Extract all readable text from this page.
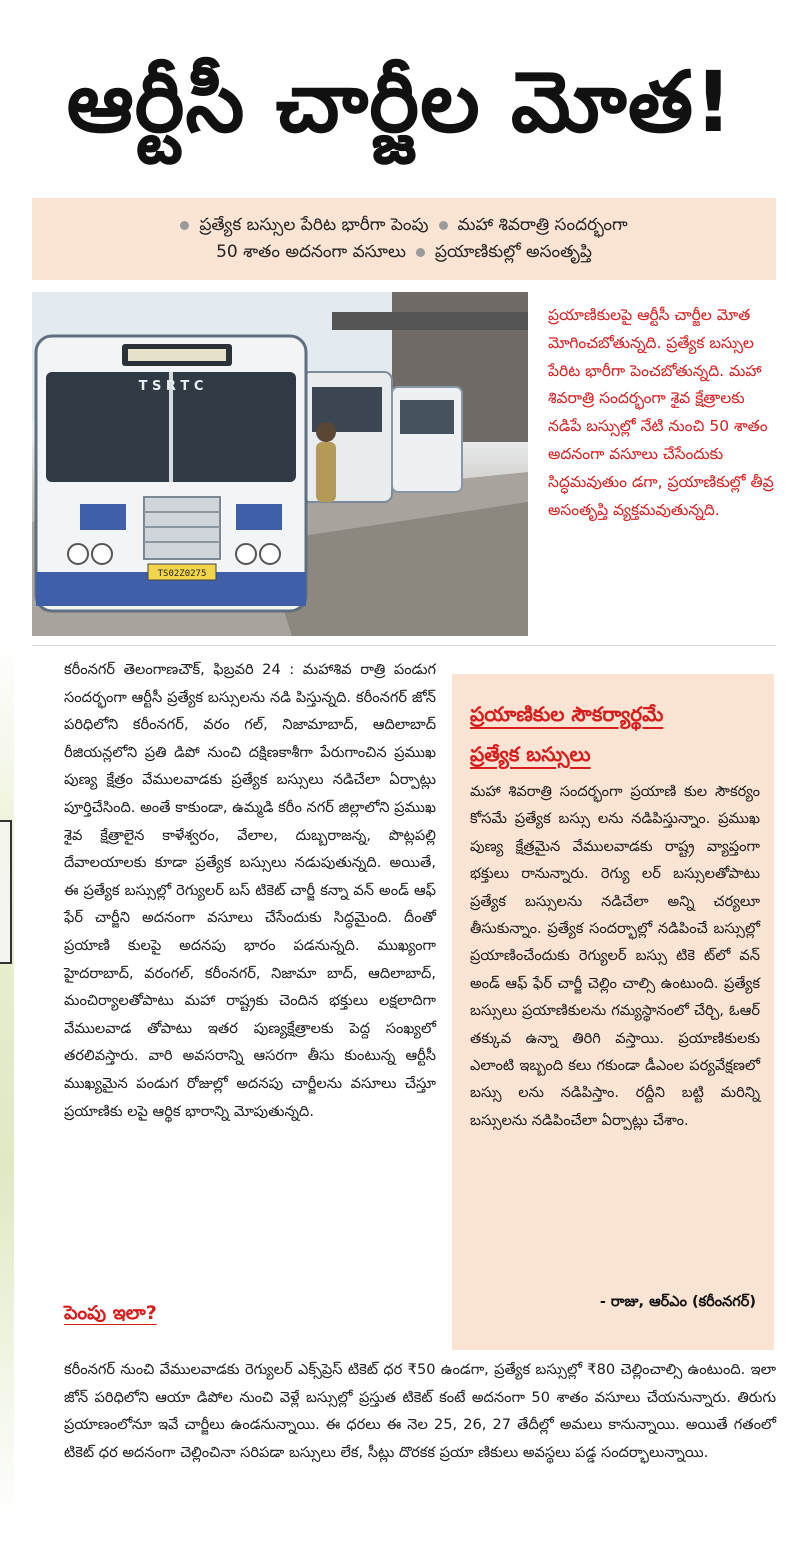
ఆర్టీసీ చార్జీల మోత!
ప్రత్యేక బస్సుల పేరిట భారీగా పెంపు మహా శివరాత్రి సందర్భంగా
50 శాతం అదనంగా వసూలు ప్రయాణికుల్లో అసంతృప్తి
TS02Z0275
T S R T C

ప్రయాణికులపై ఆర్టీసీ చార్జీల మోత మోగించబోతున్నది. ప్రత్యేక బస్సుల పేరిట భారీగా పెంచబోతున్నది. మహా శివరాత్రి సందర్భంగా శైవ క్షేత్రాలకు నడిపే బస్సుల్లో నేటి నుంచి 50 శాతం అదనంగా వసూలు చేసేందుకు సిద్ధమవుతుం డగా, ప్రయాణికుల్లో తీవ్ర అసంతృప్తి వ్యక్తమవుతున్నది.

కరీంనగర్ తెలంగాణచౌక్, ఫిబ్రవరి 24 : మహాశివ రాత్రి పండుగ సందర్భంగా ఆర్టీసీ ప్రత్యేక బస్సులను నడి పిస్తున్నది. కరీంనగర్ జోన్ పరిధిలోని కరీంనగర్, వరం గల్, నిజామాబాద్, ఆదిలాబాద్ రీజియన్లలోని ప్రతి డిపో నుంచి దక్షిణకాశీగా పేరుగాంచిన ప్రముఖ పుణ్య క్షేత్రం వేములవాడకు ప్రత్యేక బస్సులు నడిచేలా ఏర్పాట్లు పూర్తిచేసింది. అంతే కాకుండా, ఉమ్మడి కరీం నగర్ జిల్లాలోని ప్రముఖ శైవ క్షేత్రాలైన కాళేశ్వరం, వేలాల, దుబ్బరాజన్న, పొట్లపల్లి దేవాలయాలకు కూడా ప్రత్యేక బస్సులు నడుపుతున్నది. అయితే, ఈ ప్రత్యేక బస్సుల్లో రెగ్యులర్ బస్ టికెట్ చార్జీ కన్నా వన్ అండ్ ఆఫ్ ఫేర్ చార్జీని అదనంగా వసూలు చేసేందుకు సిద్ధమైంది. దీంతో ప్రయాణి కులపై అదనపు భారం పడనున్నది. ముఖ్యంగా హైదరాబాద్, వరంగల్, కరీంనగర్, నిజామా బాద్, ఆదిలాబాద్, మంచిర్యాలతోపాటు మహా రాష్ట్రకు చెందిన భక్తులు లక్షలాదిగా వేములవాడ తోపాటు ఇతర పుణ్యక్షేత్రాలకు పెద్ద సంఖ్యలో తరలివస్తారు. వారి అవసరాన్ని ఆసరగా తీసు కుంటున్న ఆర్టీసీ ముఖ్యమైన పండుగ రోజుల్లో అదనపు చార్జీలను వసూలు చేస్తూ ప్రయాణికు లపై ఆర్థిక భారాన్ని మోపుతున్నది.

పెంపు ఇలా?
ప్రయాణికుల సౌకర్యార్థమే
ప్రత్యేక బస్సులు

మహా శివరాత్రి సందర్భంగా ప్రయాణి కుల సౌకర్యం కోసమే ప్రత్యేక బస్సు లను నడిపిస్తున్నాం. ప్రముఖ పుణ్య క్షేత్రమైన వేములవాడకు రాష్ట్ర వ్యాప్తంగా భక్తులు రానున్నారు. రెగ్యు లర్ బస్సులతోపాటు ప్రత్యేక బస్సులను నడిచేలా అన్ని చర్యలూ తీసుకున్నాం. ప్రత్యేక సందర్భాల్లో నడిపించే బస్సుల్లో ప్రయాణించేందుకు రెగ్యులర్ బస్సు టికె ట్‌లో వన్ అండ్ ఆఫ్ ఫేర్ చార్జీ చెల్లిం చాల్సి ఉంటుంది. ప్రత్యేక బస్సులు ప్రయాణికులను గమ్యస్థానంలో చేర్చి, ఓఆర్ తక్కువ ఉన్నా తిరిగి వస్తాయి. ప్రయాణికులకు ఎలాంటి ఇబ్బంది కలు గకుండా డీఎంల పర్యవేక్షణలో బస్సు లను నడిపిస్తాం. రద్దీని బట్టి మరిన్ని బస్సులను నడిపించేలా ఏర్పాట్లు చేశాం.

- రాజు, ఆర్ఎం (కరీంనగర్)

కరీంనగర్ నుంచి వేములవాడకు రెగ్యులర్ ఎక్స్‌ప్రెస్ టికెట్ ధర ₹50 ఉండగా, ప్రత్యేక బస్సుల్లో ₹80 చెల్లించాల్సి ఉంటుంది. ఇలా జోన్ పరిధిలోని ఆయా డిపోల నుంచి వెళ్లే బస్సుల్లో ప్రస్తుత టికెట్ కంటే అదనంగా 50 శాతం వసూలు చేయనున్నారు. తిరుగు ప్రయాణంలోనూ ఇవే చార్జీలు ఉండనున్నాయి. ఈ ధరలు ఈ నెల 25, 26, 27 తేదీల్లో అమలు కానున్నాయి. అయితే గతంలో టికెట్ ధర అదనంగా చెల్లించినా సరిపడా బస్సులు లేక, సీట్లు దొరకక ప్రయా ణికులు అవస్థలు పడ్డ సందర్భాలున్నాయి.
